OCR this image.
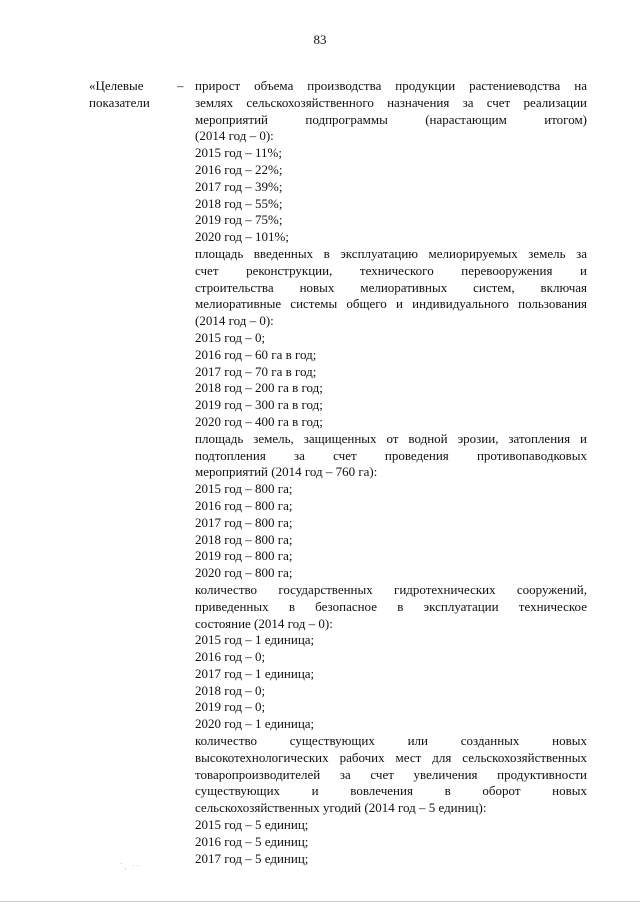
83
«Целевые
показатели
– прирост объема производства продукции растениеводства на
землях сельскохозяйственного назначения за счет реализации
мероприятий подпрограммы (нарастающим итогом)
(2014 год – 0):
2015 год – 11%;
2016 год – 22%;
2017 год – 39%;
2018 год – 55%;
2019 год – 75%;
2020 год – 101%;
площадь введенных в эксплуатацию мелиорируемых земель за
счет реконструкции, технического перевооружения и
строительства новых мелиоративных систем, включая
мелиоративные системы общего и индивидуального пользования
(2014 год – 0):
2015 год – 0;
2016 год – 60 га в год;
2017 год – 70 га в год;
2018 год – 200 га в год;
2019 год – 300 га в год;
2020 год – 400 га в год;
площадь земель, защищенных от водной эрозии, затопления и
подтопления за счет проведения противопаводковых
мероприятий (2014 год – 760 га):
2015 год – 800 га;
2016 год – 800 га;
2017 год – 800 га;
2018 год – 800 га;
2019 год – 800 га;
2020 год – 800 га;
количество государственных гидротехнических сооружений,
приведенных в безопасное в эксплуатации техническое
состояние (2014 год – 0):
2015 год – 1 единица;
2016 год – 0;
2017 год – 1 единица;
2018 год – 0;
2019 год – 0;
2020 год – 1 единица;
количество существующих или созданных новых
высокотехнологических рабочих мест для сельскохозяйственных
товаропроизводителей за счет увеличения продуктивности
существующих и вовлечения в оборот новых
сельскохозяйственных угодий (2014 год – 5 единиц):
2015 год – 5 единиц;
2016 год – 5 единиц;
2017 год – 5 единиц;
´¸ ··
